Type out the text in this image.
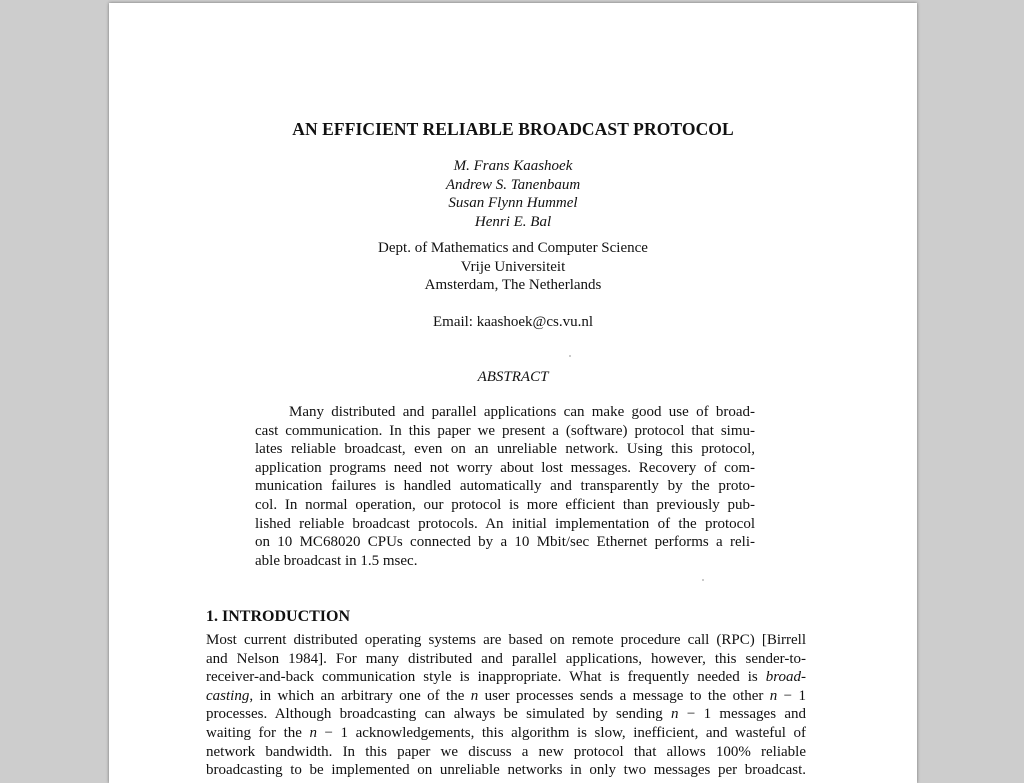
AN EFFICIENT RELIABLE BROADCAST PROTOCOL
M. Frans Kaashoek
Andrew S. Tanenbaum
Susan Flynn Hummel
Henri E. Bal
Dept. of Mathematics and Computer Science
Vrije Universiteit
Amsterdam, The Netherlands
Email: kaashoek@cs.vu.nl
ABSTRACT
Many distributed and parallel applications can make good use of broad-
cast communication. In this paper we present a (software) protocol that simu-
lates reliable broadcast, even on an unreliable network. Using this protocol,
application programs need not worry about lost messages. Recovery of com-
munication failures is handled automatically and transparently by the proto-
col. In normal operation, our protocol is more efficient than previously pub-
lished reliable broadcast protocols. An initial implementation of the protocol
on 10 MC68020 CPUs connected by a 10 Mbit/sec Ethernet performs a reli-
able broadcast in 1.5 msec.
1. INTRODUCTION
Most current distributed operating systems are based on remote procedure call (RPC) [Birrell
and Nelson 1984]. For many distributed and parallel applications, however, this sender-to-
receiver-and-back communication style is inappropriate. What is frequently needed is broad-
casting, in which an arbitrary one of the n user processes sends a message to the other n − 1
processes. Although broadcasting can always be simulated by sending n − 1 messages and
waiting for the n − 1 acknowledgements, this algorithm is slow, inefficient, and wasteful of
network bandwidth. In this paper we discuss a new protocol that allows 100% reliable
broadcasting to be implemented on unreliable networks in only two messages per broadcast.
